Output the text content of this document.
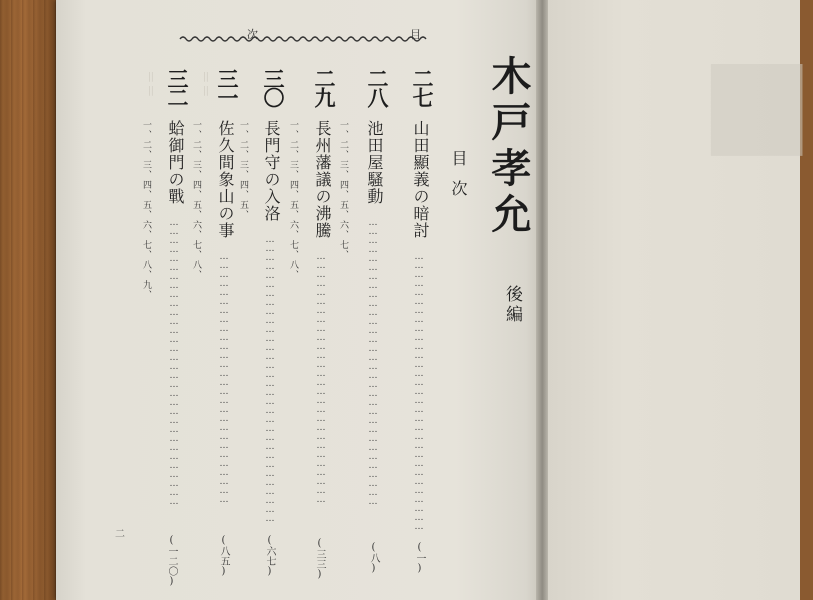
■
＝＝	＝＝
次	目
木戸孝允
後編
目次
二七
山田顯義の暗討
…………………………………………………………………………………
(一)
二八
池田屋騷動
一、二、三、四、五、六、七、
……………………………………………………………………………………
(八)
二九
長州藩議の沸騰
一、二、三、四、五、六、七、八、
…………………………………………………………………………
(三三)
三〇
長門守の入洛
一、二、三、四、五、
……………………………………………………………………………………
(六七)
三一
佐久間象山の事
一、二、三、四、五、六、七、八、
…………………………………………………………………………
(八五)
三二
蛤御門の戰
一、二、三、四、五、六、七、八、九、
……………………………………………………………………………………
(一二〇)
二
